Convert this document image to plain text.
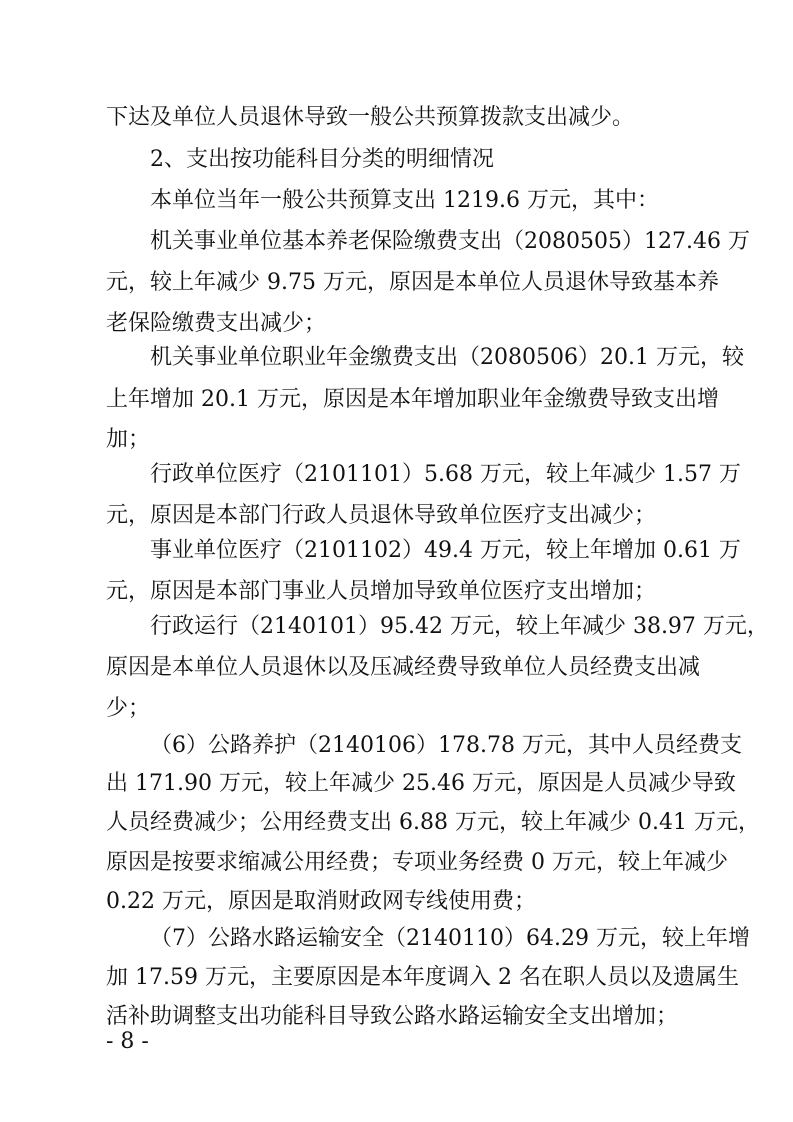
下达及单位人员退休导致一般公共预算拨款支出减少。
2、支出按功能科目分类的明细情况
本单位当年一般公共预算支出 1219.6 万元，其中：
机关事业单位基本养老保险缴费支出（2080505）127.46 万
元，较上年减少 9.75 万元，原因是本单位人员退休导致基本养
老保险缴费支出减少；
机关事业单位职业年金缴费支出（2080506）20.1 万元，较
上年增加 20.1 万元，原因是本年增加职业年金缴费导致支出增
加；
行政单位医疗（2101101）5.68 万元，较上年减少 1.57 万
元，原因是本部门行政人员退休导致单位医疗支出减少；
事业单位医疗（2101102）49.4 万元，较上年增加 0.61 万
元，原因是本部门事业人员增加导致单位医疗支出增加；
行政运行（2140101）95.42 万元，较上年减少 38.97 万元，
原因是本单位人员退休以及压减经费导致单位人员经费支出减
少；
（6）公路养护（2140106）178.78 万元，其中人员经费支
出 171.90 万元，较上年减少 25.46 万元，原因是人员减少导致
人员经费减少；公用经费支出 6.88 万元，较上年减少 0.41 万元，
原因是按要求缩减公用经费；专项业务经费 0 万元，较上年减少
0.22 万元，原因是取消财政网专线使用费；
（7）公路水路运输安全（2140110）64.29 万元，较上年增
加 17.59 万元，主要原因是本年度调入 2 名在职人员以及遗属生
活补助调整支出功能科目导致公路水路运输安全支出增加；
- 8 -
